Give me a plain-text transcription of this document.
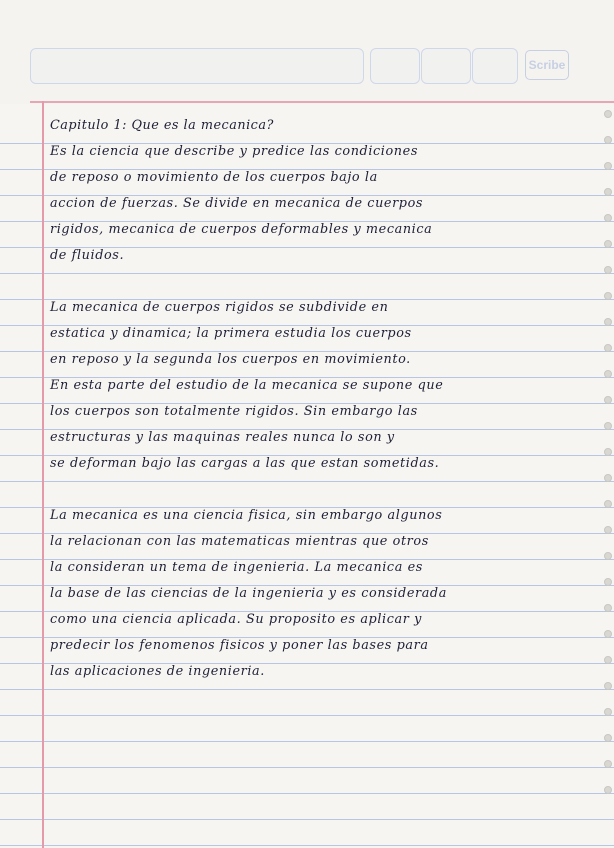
Scribe
Capitulo 1: Que es la mecanica?
Es la ciencia que describe y predice las condiciones
de reposo o movimiento de los cuerpos bajo la
accion de fuerzas. Se divide en mecanica de cuerpos
rigidos, mecanica de cuerpos deformables y mecanica
de fluidos.
La mecanica de cuerpos rigidos se subdivide en
estatica y dinamica; la primera estudia los cuerpos
en reposo y la segunda los cuerpos en movimiento.
En esta parte del estudio de la mecanica se supone que
los cuerpos son totalmente rigidos. Sin embargo las
estructuras y las maquinas reales nunca lo son y
se deforman bajo las cargas a las que estan sometidas.
La mecanica es una ciencia fisica, sin embargo algunos
la relacionan con las matematicas mientras que otros
la consideran un tema de ingenieria. La mecanica es
la base de las ciencias de la ingenieria y es considerada
como una ciencia aplicada. Su proposito es aplicar y
predecir los fenomenos fisicos y poner las bases para
las aplicaciones de ingenieria.
